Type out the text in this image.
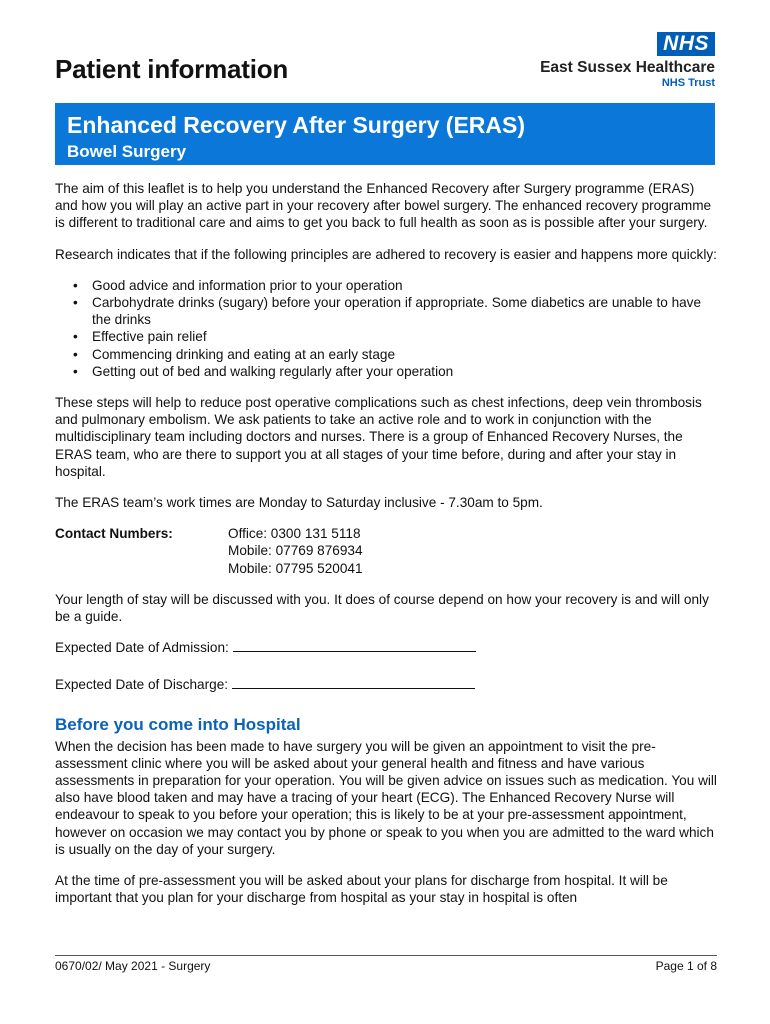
Patient information
NHS
East Sussex Healthcare
NHS Trust
Enhanced Recovery After Surgery (ERAS)
Bowel Surgery

The aim of this leaflet is to help you understand the Enhanced Recovery after Surgery programme (ERAS) and how you will play an active part in your recovery after bowel surgery. The enhanced recovery programme is different to traditional care and aims to get you back to full health as soon as is possible after your surgery.

Research indicates that if the following principles are adhered to recovery is easier and happens more quickly:

• Good advice and information prior to your operation
• Carbohydrate drinks (sugary) before your operation if appropriate. Some diabetics are unable to have the drinks
• Effective pain relief
• Commencing drinking and eating at an early stage
• Getting out of bed and walking regularly after your operation

These steps will help to reduce post operative complications such as chest infections, deep vein thrombosis and pulmonary embolism. We ask patients to take an active role and to work in conjunction with the multidisciplinary team including doctors and nurses. There is a group of Enhanced Recovery Nurses, the ERAS team, who are there to support you at all stages of your time before, during and after your stay in hospital.

The ERAS team’s work times are Monday to Saturday inclusive - 7.30am to 5pm.

Contact Numbers:	Office: 0300 131 5118
Mobile: 07769 876934
Mobile: 07795 520041

Your length of stay will be discussed with you. It does of course depend on how your recovery is and will only be a guide.

Expected Date of Admission:
Expected Date of Discharge:
Before you come into Hospital

When the decision has been made to have surgery you will be given an appointment to visit the pre-assessment clinic where you will be asked about your general health and fitness and have various assessments in preparation for your operation. You will be given advice on issues such as medication. You will also have blood taken and may have a tracing of your heart (ECG). The Enhanced Recovery Nurse will endeavour to speak to you before your operation; this is likely to be at your pre-assessment appointment, however on occasion we may contact you by phone or speak to you when you are admitted to the ward which is usually on the day of your surgery.

At the time of pre-assessment you will be asked about your plans for discharge from hospital. It will be important that you plan for your discharge from hospital as your stay in hospital is often

0670/02/ May 2021 - Surgery	Page 1 of 8
